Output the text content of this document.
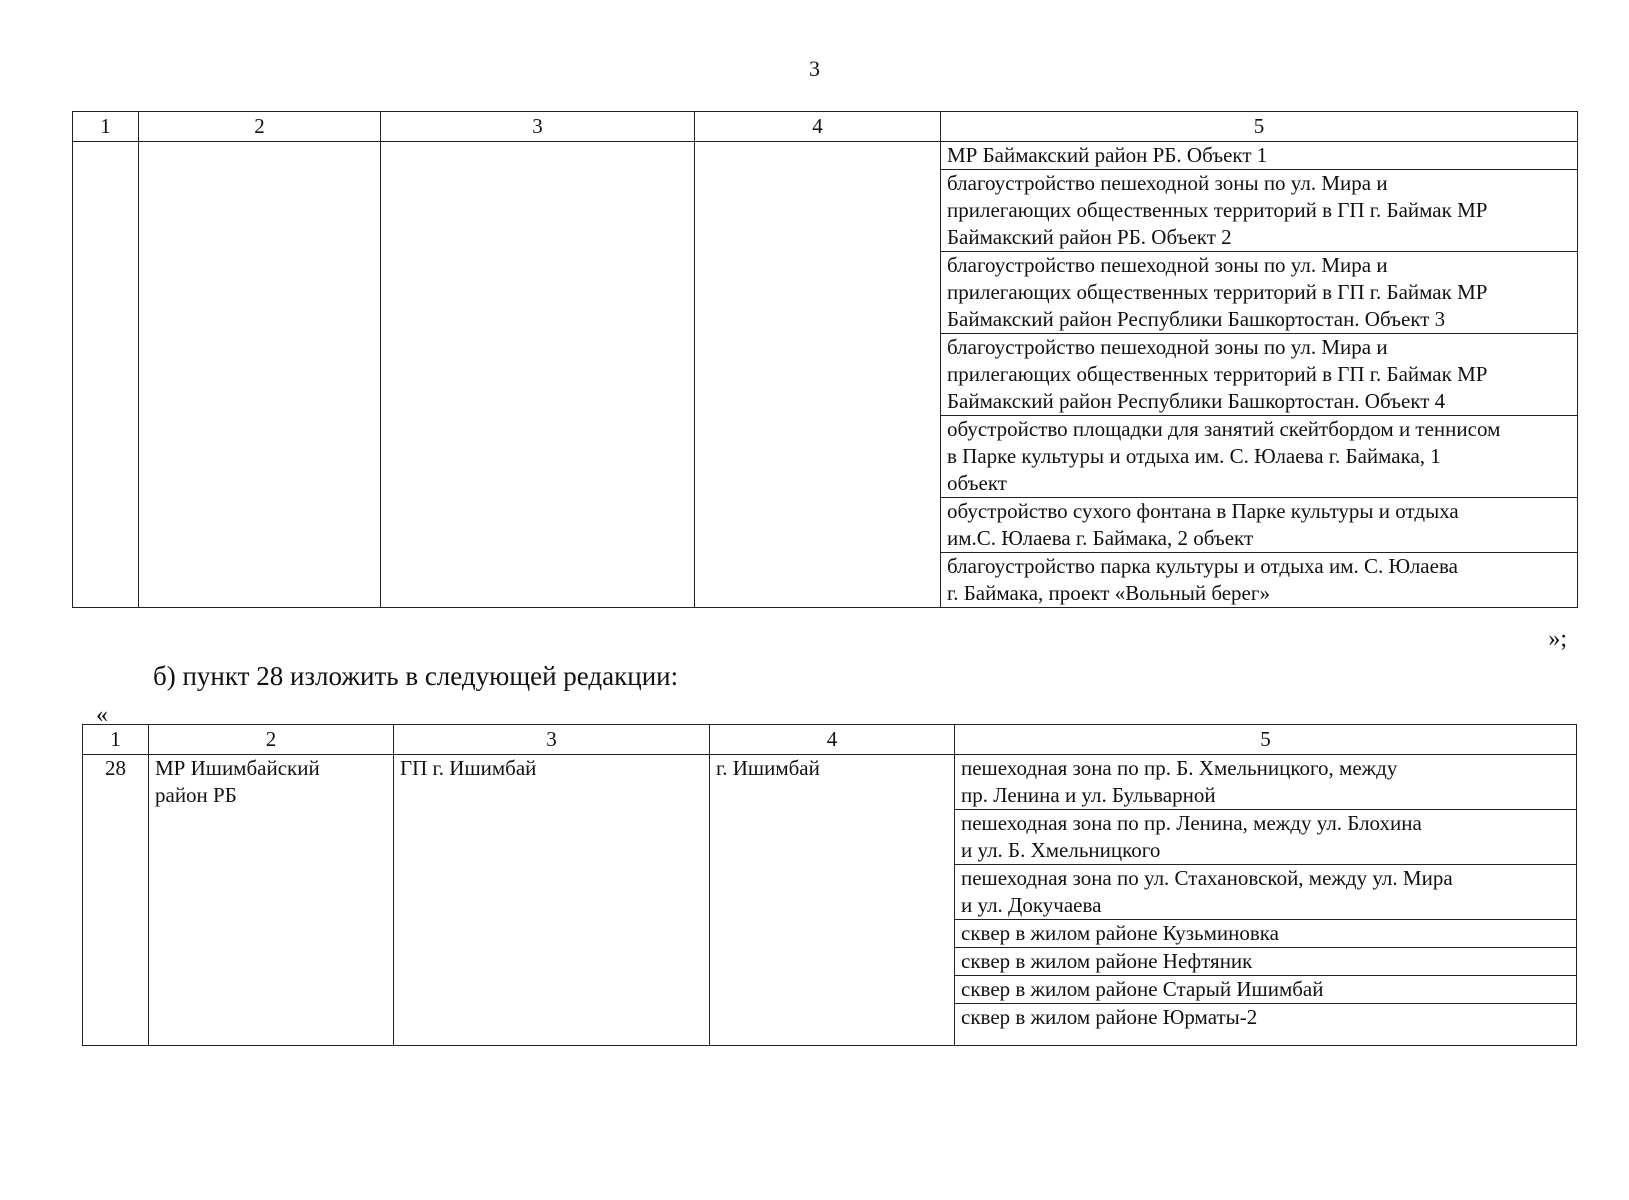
3
1	2	3	4	5
				МР Баймакский район РБ. Объект 1
				благоустройство пешеходной зоны по ул. Мира и
прилегающих общественных территорий в ГП г. Баймак МР
Баймакский район РБ. Объект 2
				благоустройство пешеходной зоны по ул. Мира и
прилегающих общественных территорий в ГП г. Баймак МР
Баймакский район Республики Башкортостан. Объект 3
				благоустройство пешеходной зоны по ул. Мира и
прилегающих общественных территорий в ГП г. Баймак МР
Баймакский район Республики Башкортостан. Объект 4
				обустройство площадки для занятий скейтбордом и теннисом
в Парке культуры и отдыха им. С. Юлаева г. Баймака, 1
объект
				обустройство сухого фонтана в Парке культуры и отдыха
им.С. Юлаева г. Баймака, 2 объект
				благоустройство парка культуры и отдыха им. С. Юлаева
г. Баймака, проект «Вольный берег»
»;
б) пункт 28 изложить в следующей редакции:
«
1	2	3	4	5
28	МР Ишимбайский
район РБ	ГП г. Ишимбай	г. Ишимбай	пешеходная зона по пр. Б. Хмельницкого, между
пр. Ленина и ул. Бульварной
				пешеходная зона по пр. Ленина, между ул. Блохина
и ул. Б. Хмельницкого
				пешеходная зона по ул. Стахановской, между ул. Мира
и ул. Докучаева
				сквер в жилом районе Кузьминовка
				сквер в жилом районе Нефтяник
				сквер в жилом районе Старый Ишимбай
				сквер в жилом районе Юрматы-2
